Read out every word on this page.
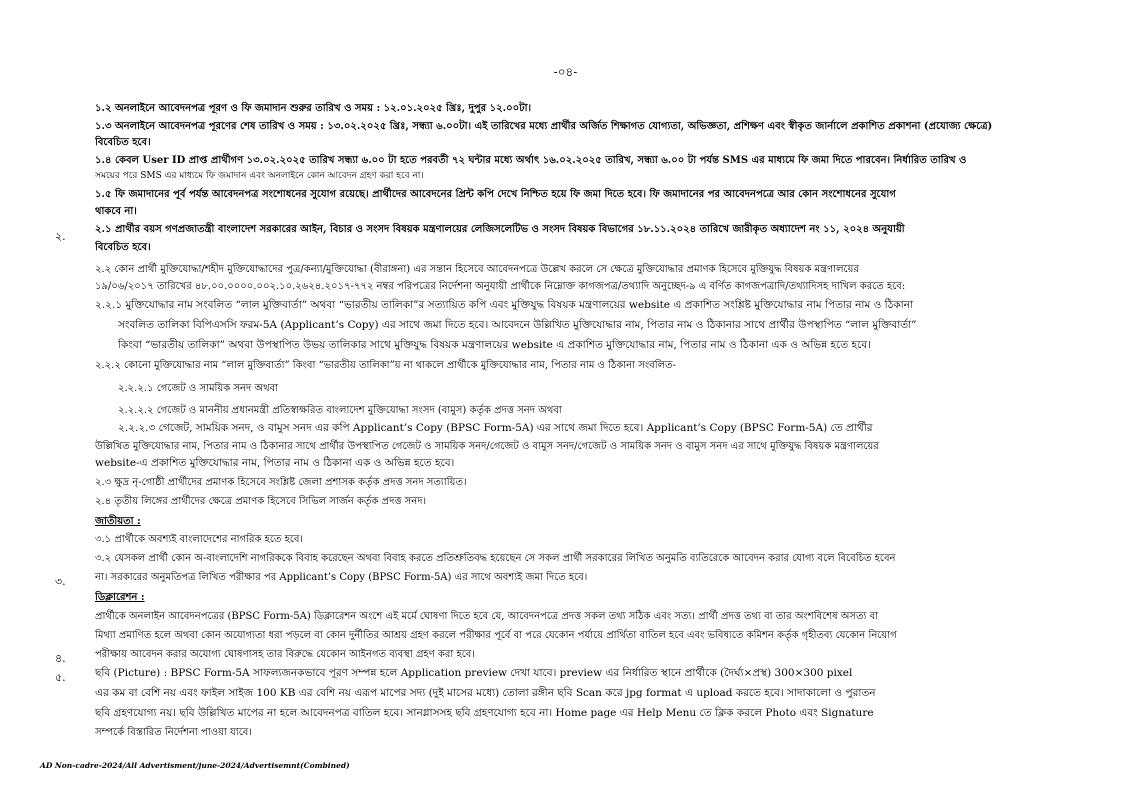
-০৪-
১.২ অনলাইনে আবেদনপত্র পূরণ ও ফি জমাদান শুরুর তারিখ ও সময় : ১২.০১.২০২৫ খ্রিঃ, দুপুর ১২.০০টা।
১.৩ অনলাইনে আবেদনপত্র পূরণের শেষ তারিখ ও সময় : ১৩.০২.২০২৫ খ্রিঃ, সন্ধ্যা ৬.০০টা। এই তারিখের মধ্যে প্রার্থীর অর্জিত শিক্ষাগত যোগ্যতা, অভিজ্ঞতা, প্রশিক্ষণ এবং স্বীকৃত জার্নালে প্রকাশিত প্রকাশনা (প্রযোজ্য ক্ষেত্রে)
বিবেচিত হবে।
১.৪ কেবল User ID প্রাপ্ত প্রার্থীগণ ১৩.০২.২০২৫ তারিখ সন্ধ্যা ৬.০০ টা হতে পরবর্তী ৭২ ঘন্টার মধ্যে অর্থাৎ ১৬.০২.২০২৫ তারিখ, সন্ধ্যা ৬.০০ টা পর্যন্ত SMS এর মাধ্যমে ফি জমা দিতে পারবেন। নির্ধারিত তারিখ ও
সময়ের পরে SMS এর মাধ্যমে ফি জমাদান এবং অনলাইনে কোন আবেদন গ্রহণ করা হবে না।
১.৫ ফি জমাদানের পূর্ব পর্যন্ত আবেদনপত্র সংশোধনের সুযোগ রয়েছে। প্রার্থীদের আবেদনের প্রিন্ট কপি দেখে নিশ্চিত হয়ে ফি জমা দিতে হবে। ফি জমাদানের পর আবেদনপত্রে আর কোন সংশোধনের সুযোগ
থাকবে না।
২.
২.১ প্রার্থীর বয়স গণপ্রজাতন্ত্রী বাংলাদেশ সরকারের আইন, বিচার ও সংসদ বিষয়ক মন্ত্রণালয়ের লেজিসলেটিভ ও সংসদ বিষয়ক বিভাগের ১৮.১১.২০২৪ তারিখে জারীকৃত অধ্যাদেশ নং ১১, ২০২৪ অনুযায়ী
বিবেচিত হবে।
২.২ কোন প্রার্থী মুক্তিযোদ্ধা/শহীদ মুক্তিযোদ্ধাদের পুত্র/কন্যা/মুক্তিযোদ্ধা (বীরাঙ্গনা) এর সন্তান হিসেবে আবেদনপত্রে উল্লেখ করলে সে ক্ষেত্রে মুক্তিযোদ্ধার প্রমাণক হিসেবে মুক্তিযুদ্ধ বিষয়ক মন্ত্রণালয়ের
১৯/০৬/২০১৭ তারিখের ৪৮.০০.০০০০.০০২.১০.২৬২৪.২০১৭-৭৭২ নম্বর পরিপত্রের নির্দেশনা অনুযায়ী প্রার্থীকে নিম্নোক্ত কাগজপত্র/তথ্যাদি অনুচ্ছেদ-৯ এ বর্ণিত কাগজপত্রাদি/তথ্যাদিসহ দাখিল করতে হবে:
২.২.১ মুক্তিযোদ্ধার নাম সংবলিত “লাল মুক্তিবার্তা” অথবা “ভারতীয় তালিকা”র সত্যায়িত কপি এবং মুক্তিযুদ্ধ বিষয়ক মন্ত্রণালয়ের website এ প্রকাশিত সংশ্লিষ্ট মুক্তিযোদ্ধার নাম পিতার নাম ও ঠিকানা
সংবলিত তালিকা বিপিএসসি ফরম-5A (Applicant’s Copy) এর সাথে জমা দিতে হবে। আবেদনে উল্লিখিত মুক্তিযোদ্ধার নাম, পিতার নাম ও ঠিকানার সাথে প্রার্থীর উপস্থাপিত “লাল মুক্তিবার্তা”
কিংবা “ভারতীয় তালিকা” অথবা উপস্থাপিত উভয় তালিকার সাথে মুক্তিযুদ্ধ বিষয়ক মন্ত্রণালয়ের website এ প্রকাশিত মুক্তিযোদ্ধার নাম, পিতার নাম ও ঠিকানা এক ও অভিন্ন হতে হবে।
২.২.২ কোনো মুক্তিযোদ্ধার নাম “লাল মুক্তিবার্তা” কিংবা “ভারতীয় তালিকা”য় না থাকলে প্রার্থীকে মুক্তিযোদ্ধার নাম, পিতার নাম ও ঠিকানা সংবলিত-
২.২.২.১ গেজেট ও সাময়িক সনদ অথবা
২.২.২.২ গেজেট ও মাননীয় প্রধানমন্ত্রী প্রতিস্বাক্ষরিত বাংলাদেশ মুক্তিযোদ্ধা সংসদ (বামুস) কর্তৃক প্রদত্ত সনদ অথবা
২.২.২.৩ গেজেট, সাময়িক সনদ, ও বামুস সনদ এর কপি Applicant’s Copy (BPSC Form-5A) এর সাথে জমা দিতে হবে। Applicant’s Copy (BPSC Form-5A) তে প্রার্থীর
উল্লিখিত মুক্তিযোদ্ধার নাম, পিতার নাম ও ঠিকানার সাথে প্রার্থীর উপস্থাপিত গেজেট ও সাময়িক সনদ/গেজেট ও বামুস সনদ/গেজেট ও সাময়িক সনদ ও বামুস সনদ এর সাথে মুক্তিযুদ্ধ বিষয়ক মন্ত্রণালয়ের
website-এ প্রকাশিত মুক্তিযোদ্ধার নাম, পিতার নাম ও ঠিকানা এক ও অভিন্ন হতে হবে।
২.৩ ক্ষুদ্র নৃ-গোষ্ঠী প্রার্থীদের প্রমাণক হিসেবে সংশ্লিষ্ট জেলা প্রশাসক কর্তৃক প্রদত্ত সনদ সত্যায়িত।
২.৪ তৃতীয় লিঙ্গের প্রার্থীদের ক্ষেত্রে প্রমাণক হিসেবে সিভিল সার্জন কর্তৃক প্রদত্ত সনদ।
জাতীয়তা :
৩.১ প্রার্থীকে অবশ্যই বাংলাদেশের নাগরিক হতে হবে।
৩.২ যেসকল প্রার্থী কোন অ-বাংলাদেশি নাগরিককে বিবাহ করেছেন অথবা বিবাহ করতে প্রতিশ্রুতিবদ্ধ হয়েছেন সে সকল প্রার্থী সরকারের লিখিত অনুমতি ব্যতিরেকে আবেদন করার যোগ্য বলে বিবেচিত হবেন
৩.	না। সরকারের অনুমতিপত্র লিখিত পরীক্ষার পর Applicant’s Copy (BPSC Form-5A) এর সাথে অবশ্যই জমা দিতে হবে।
ডিক্লারেশন :
প্রার্থীকে অনলাইন আবেদনপত্রের (BPSC Form-5A) ডিক্লারেশন অংশে এই মর্মে ঘোষণা দিতে হবে যে, আবেদনপত্রে প্রদত্ত সকল তথ্য সঠিক এবং সত্য। প্রার্থী প্রদত্ত তথ্য বা তার অংশবিশেষ অসত্য বা
মিথ্যা প্রমাণিত হলে অথবা কোন অযোগ্যতা ধরা পড়লে বা কোন দুর্নীতির আশ্রয় গ্রহণ করলে পরীক্ষার পূর্বে বা পরে যেকোন পর্যায়ে প্রার্থিতা বাতিল হবে এবং ভবিষ্যতে কমিশন কর্তৃক গৃহীতব্য যেকোন নিয়োগ
৪.	পরীক্ষায় আবেদন করার অযোগ্য ঘোষণাসহ তার বিরুদ্ধে যেকোন আইনগত ব্যবস্থা গ্রহণ করা হবে।
৫.	ছবি (Picture) : BPSC Form-5A সাফল্যজনকভাবে পূরণ সম্পন্ন হলে Application preview দেখা যাবে। preview এর নির্ধারিত স্থানে প্রার্থীকে (দৈর্ঘ্য×প্রস্থ) 300×300 pixel
এর কম বা বেশি নয় এবং ফাইল সাইজ 100 KB এর বেশি নয় এরূপ মাপের সদ্য (দুই মাসের মধ্যে) তোলা রঙ্গীন ছবি Scan করে jpg format এ upload করতে হবে। সাদাকালো ও পুরাতন
ছবি গ্রহণযোগ্য নয়। ছবি উল্লিখিত মাপের না হলে আবেদনপত্র বাতিল হবে। সানগ্লাসসহ ছবি গ্রহণযোগ্য হবে না। Home page এর Help Menu তে ক্লিক করলে Photo এবং Signature
সম্পর্কে বিস্তারিত নির্দেশনা পাওয়া যাবে।
AD Non-cadre-2024/All Advertisment/june-2024/Advertisemnt(Combined)
